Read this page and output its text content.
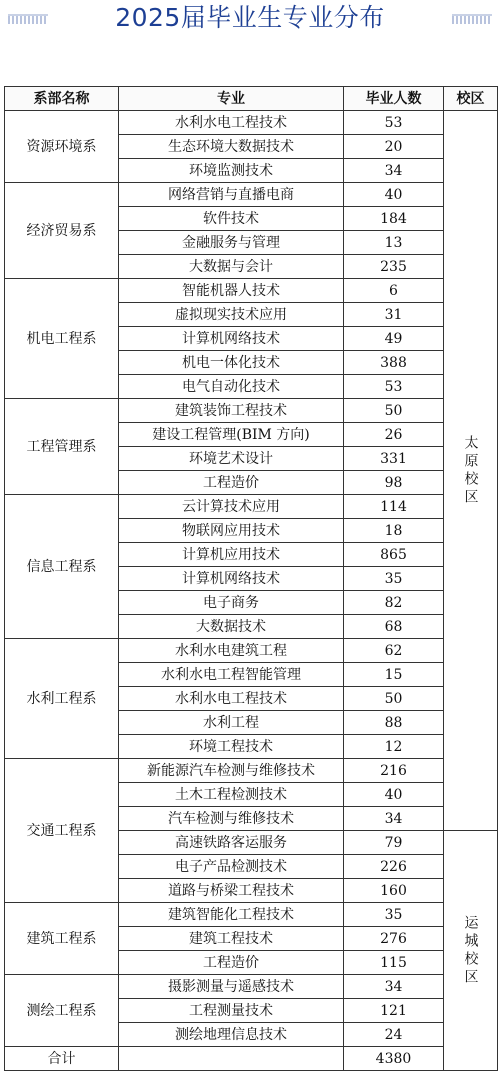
2025届毕业生专业分布
系部名称	专业	毕业人数	校区	
资源环境系	水利水电工程技术	53	太原校区	
	生态环境大数据技术	20		
	环境监测技术	34		
经济贸易系	网络营销与直播电商	40		
	软件技术	184		
	金融服务与管理	13		
	大数据与会计	235		
机电工程系	智能机器人技术	6		
	虚拟现实技术应用	31		
	计算机网络技术	49		
	机电一体化技术	388		
	电气自动化技术	53		
工程管理系	建筑装饰工程技术	50		
	建设工程管理(BIM 方向)	26		
	环境艺术设计	331		
	工程造价	98		
信息工程系	云计算技术应用	114		
	物联网应用技术	18		
	计算机应用技术	865		
	计算机网络技术	35		
	电子商务	82		
	大数据技术	68		
水利工程系	水利水电建筑工程	62		
	水利水电工程智能管理	15		
	水利水电工程技术	50		
	水利工程	88		
	环境工程技术	12		
交通工程系	新能源汽车检测与维修技术	216		
	土木工程检测技术	40		
	汽车检测与维修技术	34		
	高速铁路客运服务	79	运城校区	
	电子产品检测技术	226		
	道路与桥梁工程技术	160		
建筑工程系	建筑智能化工程技术	35		
	建筑工程技术	276		
	工程造价	115		
测绘工程系	摄影测量与遥感技术	34		
	工程测量技术	121		
	测绘地理信息技术	24		
合计		4380		
